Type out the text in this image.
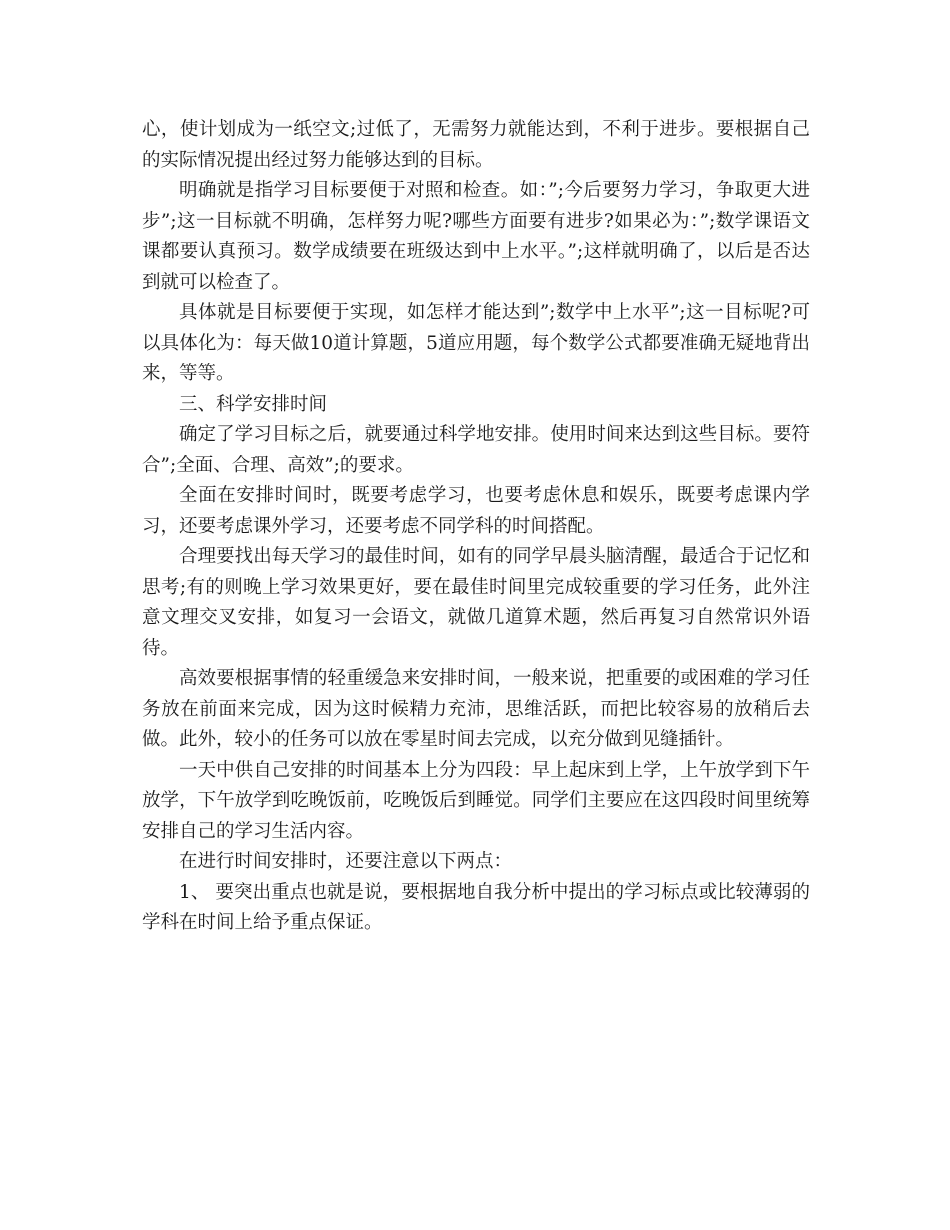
心，使计划成为一纸空文;过低了，无需努力就能达到，不利于进步。要根据自己的实际情况提出经过努力能够达到的目标。

明确就是指学习目标要便于对照和检查。如：”;今后要努力学习，争取更大进步”;这一目标就不明确，怎样努力呢?哪些方面要有进步?如果必为：”;数学课语文课都要认真预习。数学成绩要在班级达到中上水平。”;这样就明确了，以后是否达到就可以检查了。

具体就是目标要便于实现，如怎样才能达到”;数学中上水平”;这一目标呢?可以具体化为：每天做10道计算题，5道应用题，每个数学公式都要准确无疑地背出来，等等。

三、科学安排时间

确定了学习目标之后，就要通过科学地安排。使用时间来达到这些目标。要符合”;全面、合理、高效”;的要求。

全面在安排时间时，既要考虑学习，也要考虑休息和娱乐，既要考虑课内学习，还要考虑课外学习，还要考虑不同学科的时间搭配。

合理要找出每天学习的最佳时间，如有的同学早晨头脑清醒，最适合于记忆和思考;有的则晚上学习效果更好，要在最佳时间里完成较重要的学习任务，此外注意文理交叉安排，如复习一会语文，就做几道算术题，然后再复习自然常识外语待。

高效要根据事情的轻重缓急来安排时间，一般来说，把重要的或困难的学习任务放在前面来完成，因为这时候精力充沛，思维活跃，而把比较容易的放稍后去做。此外，较小的任务可以放在零星时间去完成，以充分做到见缝插针。

一天中供自己安排的时间基本上分为四段：早上起床到上学，上午放学到下午放学，下午放学到吃晚饭前，吃晚饭后到睡觉。同学们主要应在这四段时间里统筹安排自己的学习生活内容。

在进行时间安排时，还要注意以下两点：

1、 要突出重点也就是说，要根据地自我分析中提出的学习标点或比较薄弱的学科在时间上给予重点保证。
